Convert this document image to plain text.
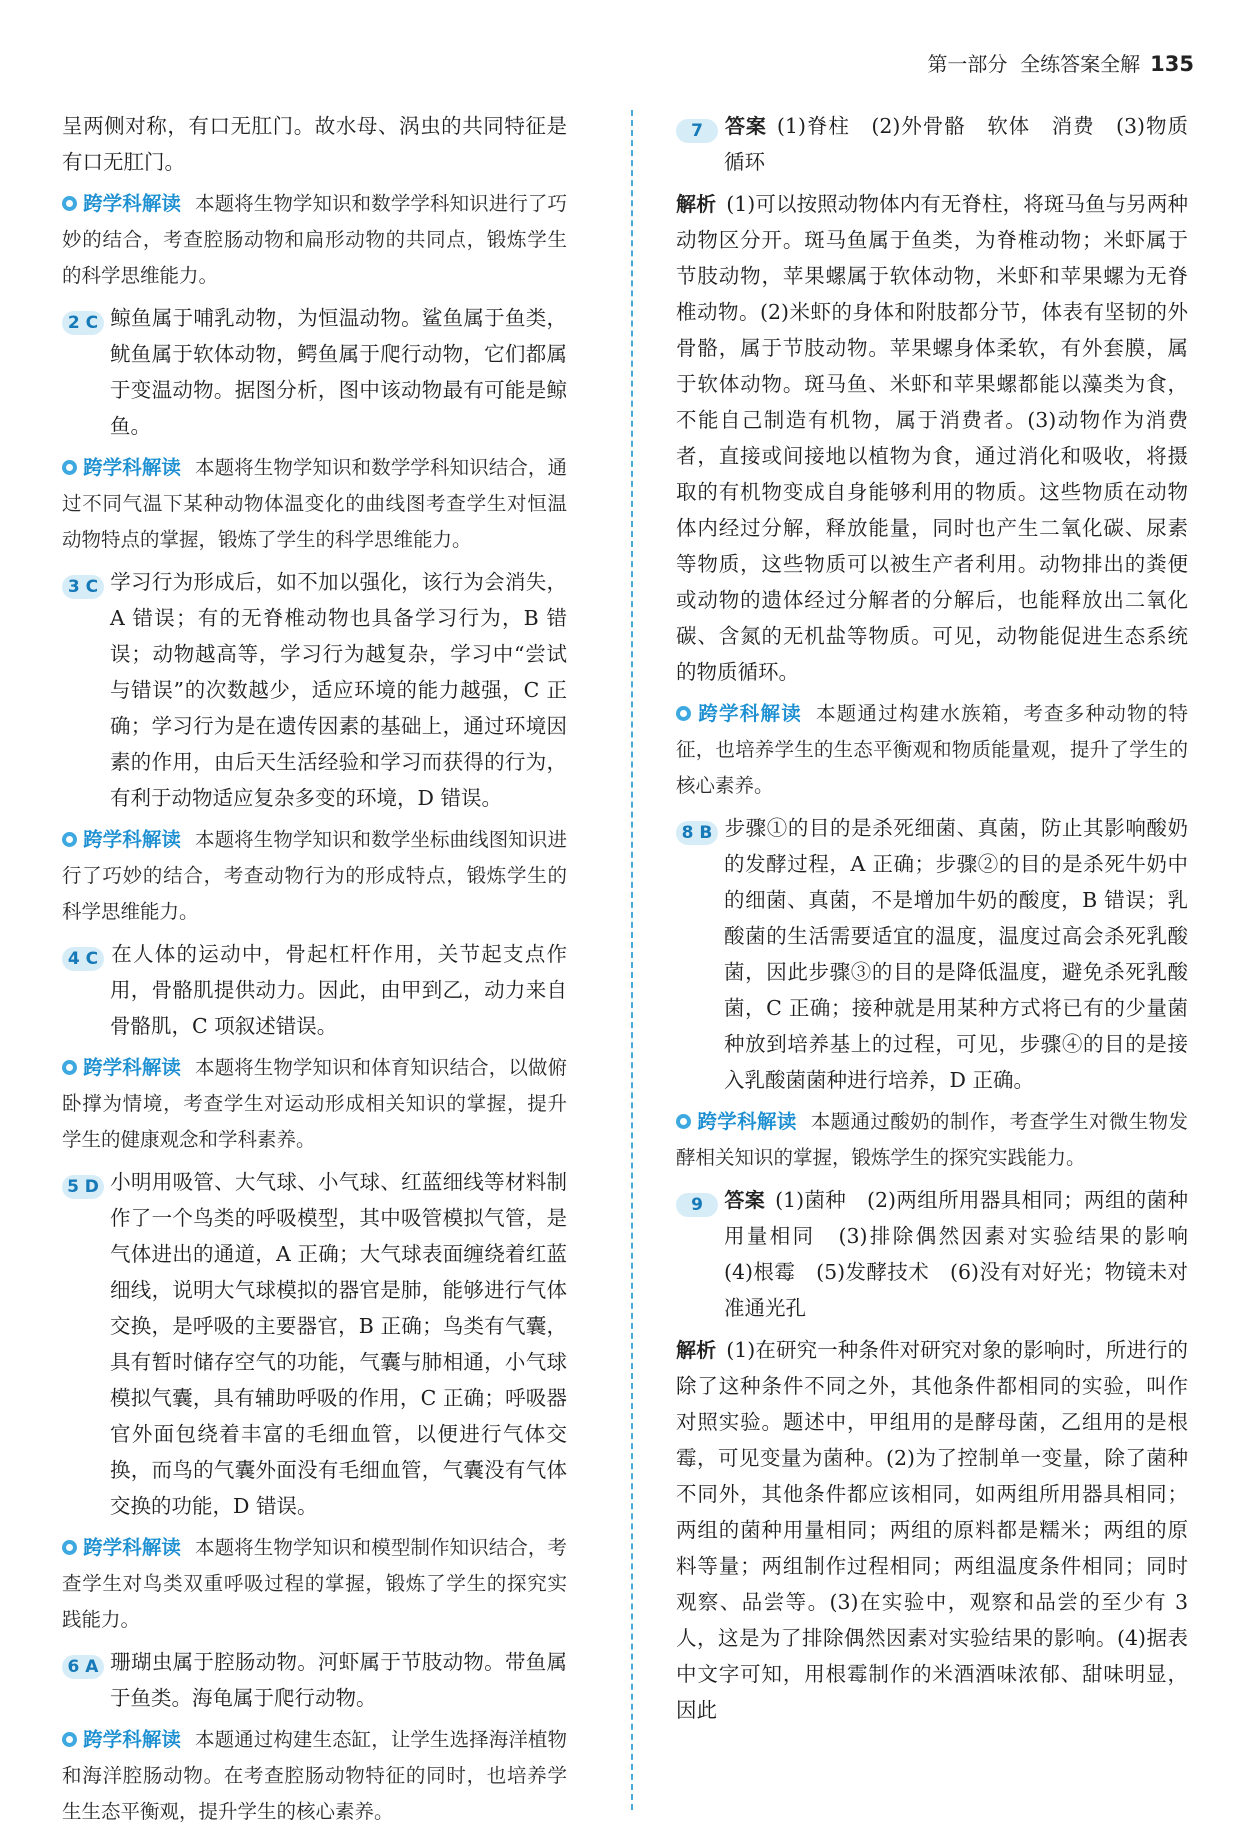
第一部分 全练答案全解 135

呈两侧对称，有口无肛门。故水母、涡虫的共同特征是有口无肛门。

跨学科解读 本题将生物学知识和数学学科知识进行了巧妙的结合，考查腔肠动物和扁形动物的共同点，锻炼学生的科学思维能力。

2 C 鲸鱼属于哺乳动物，为恒温动物。鲨鱼属于鱼类，鱿鱼属于软体动物，鳄鱼属于爬行动物，它们都属于变温动物。据图分析，图中该动物最有可能是鲸鱼。

跨学科解读 本题将生物学知识和数学学科知识结合，通过不同气温下某种动物体温变化的曲线图考查学生对恒温动物特点的掌握，锻炼了学生的科学思维能力。

3 C 学习行为形成后，如不加以强化，该行为会消失，A 错误；有的无脊椎动物也具备学习行为，B 错误；动物越高等，学习行为越复杂，学习中“尝试与错误”的次数越少，适应环境的能力越强，C 正确；学习行为是在遗传因素的基础上，通过环境因素的作用，由后天生活经验和学习而获得的行为，有利于动物适应复杂多变的环境，D 错误。

跨学科解读 本题将生物学知识和数学坐标曲线图知识进行了巧妙的结合，考查动物行为的形成特点，锻炼学生的科学思维能力。

4 C 在人体的运动中，骨起杠杆作用，关节起支点作用，骨骼肌提供动力。因此，由甲到乙，动力来自骨骼肌，C 项叙述错误。

跨学科解读 本题将生物学知识和体育知识结合，以做俯卧撑为情境，考查学生对运动形成相关知识的掌握，提升学生的健康观念和学科素养。

5 D 小明用吸管、大气球、小气球、红蓝细线等材料制作了一个鸟类的呼吸模型，其中吸管模拟气管，是气体进出的通道，A 正确；大气球表面缠绕着红蓝细线，说明大气球模拟的器官是肺，能够进行气体交换，是呼吸的主要器官，B 正确；鸟类有气囊，具有暂时储存空气的功能，气囊与肺相通，小气球模拟气囊，具有辅助呼吸的作用，C 正确；呼吸器官外面包绕着丰富的毛细血管，以便进行气体交换，而鸟的气囊外面没有毛细血管，气囊没有气体交换的功能，D 错误。

跨学科解读 本题将生物学知识和模型制作知识结合，考查学生对鸟类双重呼吸过程的掌握，锻炼了学生的探究实践能力。

6 A 珊瑚虫属于腔肠动物。河虾属于节肢动物。带鱼属于鱼类。海龟属于爬行动物。

跨学科解读 本题通过构建生态缸，让学生选择海洋植物和海洋腔肠动物。在考查腔肠动物特征的同时，也培养学生生态平衡观，提升学生的核心素养。

7 答案 (1)脊柱　(2)外骨骼　软体　消费　(3)物质循环

解析 (1)可以按照动物体内有无脊柱，将斑马鱼与另两种动物区分开。斑马鱼属于鱼类，为脊椎动物；米虾属于节肢动物，苹果螺属于软体动物，米虾和苹果螺为无脊椎动物。(2)米虾的身体和附肢都分节，体表有坚韧的外骨骼，属于节肢动物。苹果螺身体柔软，有外套膜，属于软体动物。斑马鱼、米虾和苹果螺都能以藻类为食，不能自己制造有机物，属于消费者。(3)动物作为消费者，直接或间接地以植物为食，通过消化和吸收，将摄取的有机物变成自身能够利用的物质。这些物质在动物体内经过分解，释放能量，同时也产生二氧化碳、尿素等物质，这些物质可以被生产者利用。动物排出的粪便或动物的遗体经过分解者的分解后，也能释放出二氧化碳、含氮的无机盐等物质。可见，动物能促进生态系统的物质循环。

跨学科解读 本题通过构建水族箱，考查多种动物的特征，也培养学生的生态平衡观和物质能量观，提升了学生的核心素养。

8 B 步骤①的目的是杀死细菌、真菌，防止其影响酸奶的发酵过程，A 正确；步骤②的目的是杀死牛奶中的细菌、真菌，不是增加牛奶的酸度，B 错误；乳酸菌的生活需要适宜的温度，温度过高会杀死乳酸菌，因此步骤③的目的是降低温度，避免杀死乳酸菌，C 正确；接种就是用某种方式将已有的少量菌种放到培养基上的过程，可见，步骤④的目的是接入乳酸菌菌种进行培养，D 正确。

跨学科解读 本题通过酸奶的制作，考查学生对微生物发酵相关知识的掌握，锻炼学生的探究实践能力。

9 答案 (1)菌种　(2)两组所用器具相同；两组的菌种用量相同　(3)排除偶然因素对实验结果的影响　(4)根霉　(5)发酵技术　(6)没有对好光；物镜未对准通光孔

解析 (1)在研究一种条件对研究对象的影响时，所进行的除了这种条件不同之外，其他条件都相同的实验，叫作对照实验。题述中，甲组用的是酵母菌，乙组用的是根霉，可见变量为菌种。(2)为了控制单一变量，除了菌种不同外，其他条件都应该相同，如两组所用器具相同；两组的菌种用量相同；两组的原料都是糯米；两组的原料等量；两组制作过程相同；两组温度条件相同；同时观察、品尝等。(3)在实验中，观察和品尝的至少有 3 人，这是为了排除偶然因素对实验结果的影响。(4)据表中文字可知，用根霉制作的米酒酒味浓郁、甜味明显，因此
